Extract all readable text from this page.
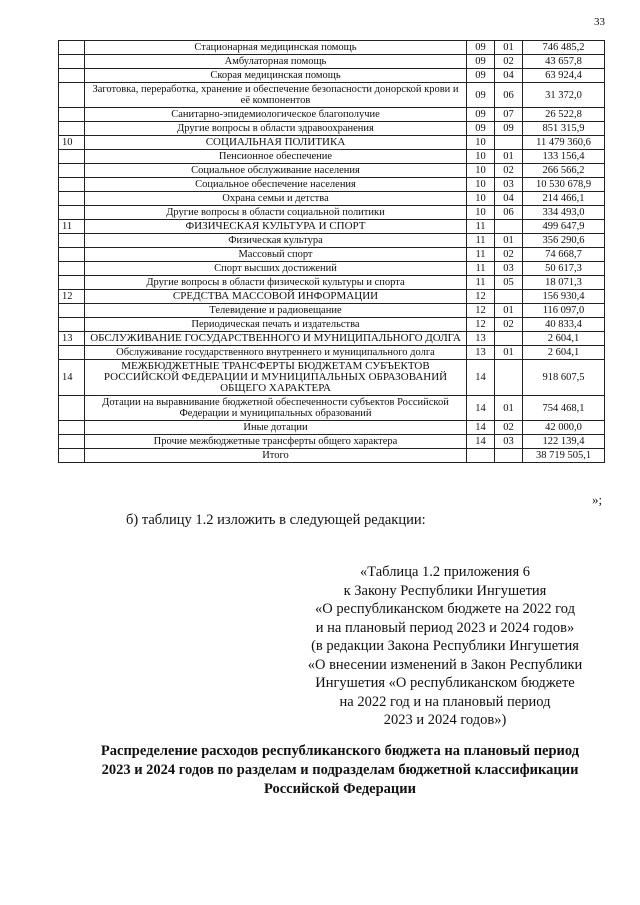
33
	Стационарная медицинская помощь	09	01	746 485,2
	Амбулаторная помощь	09	02	43 657,8
	Скорая медицинская помощь	09	04	63 924,4
	Заготовка, переработка, хранение и обеспечение безопасности донорской крови и её компонентов	09	06	31 372,0
	Санитарно-эпидемиологическое благополучие	09	07	26 522,8
	Другие вопросы в области здравоохранения	09	09	851 315,9
10	СОЦИАЛЬНАЯ ПОЛИТИКА	10		11 479 360,6
	Пенсионное обеспечение	10	01	133 156,4
	Социальное обслуживание населения	10	02	266 566,2
	Социальное обеспечение населения	10	03	10 530 678,9
	Охрана семьи и детства	10	04	214 466,1
	Другие вопросы в области социальной политики	10	06	334 493,0
11	ФИЗИЧЕСКАЯ КУЛЬТУРА И СПОРТ	11		499 647,9
	Физическая культура	11	01	356 290,6
	Массовый спорт	11	02	74 668,7
	Спорт высших достижений	11	03	50 617,3
	Другие вопросы в области физической культуры и спорта	11	05	18 071,3
12	СРЕДСТВА МАССОВОЙ ИНФОРМАЦИИ	12		156 930,4
	Телевидение и радиовещание	12	01	116 097,0
	Периодическая печать и издательства	12	02	40 833,4
13	ОБСЛУЖИВАНИЕ ГОСУДАРСТВЕННОГО И МУНИЦИПАЛЬНОГО ДОЛГА	13		2 604,1
	Обслуживание государственного внутреннего и муниципального долга	13	01	2 604,1
14	МЕЖБЮДЖЕТНЫЕ ТРАНСФЕРТЫ БЮДЖЕТАМ СУБЪЕКТОВ РОССИЙСКОЙ ФЕДЕРАЦИИ И МУНИЦИПАЛЬНЫХ ОБРАЗОВАНИЙ ОБЩЕГО ХАРАКТЕРА	14		918 607,5
	Дотации на выравнивание бюджетной обеспеченности субъектов Российской Федерации и муниципальных образований	14	01	754 468,1
	Иные дотации	14	02	42 000,0
	Прочие межбюджетные трансферты общего характера	14	03	122 139,4
	Итого			38 719 505,1
»;
б) таблицу 1.2 изложить в следующей редакции:
«Таблица 1.2 приложения 6
к Закону Республики Ингушетия
«О республиканском бюджете на 2022 год
и на плановый период 2023 и 2024 годов»
(в редакции Закона Республики Ингушетия
«О внесении изменений в Закон Республики
Ингушетия «О республиканском бюджете
на 2022 год и на плановый период
2023 и 2024 годов»)
Распределение расходов республиканского бюджета на плановый период
2023 и 2024 годов по разделам и подразделам бюджетной классификации
Российской Федерации
